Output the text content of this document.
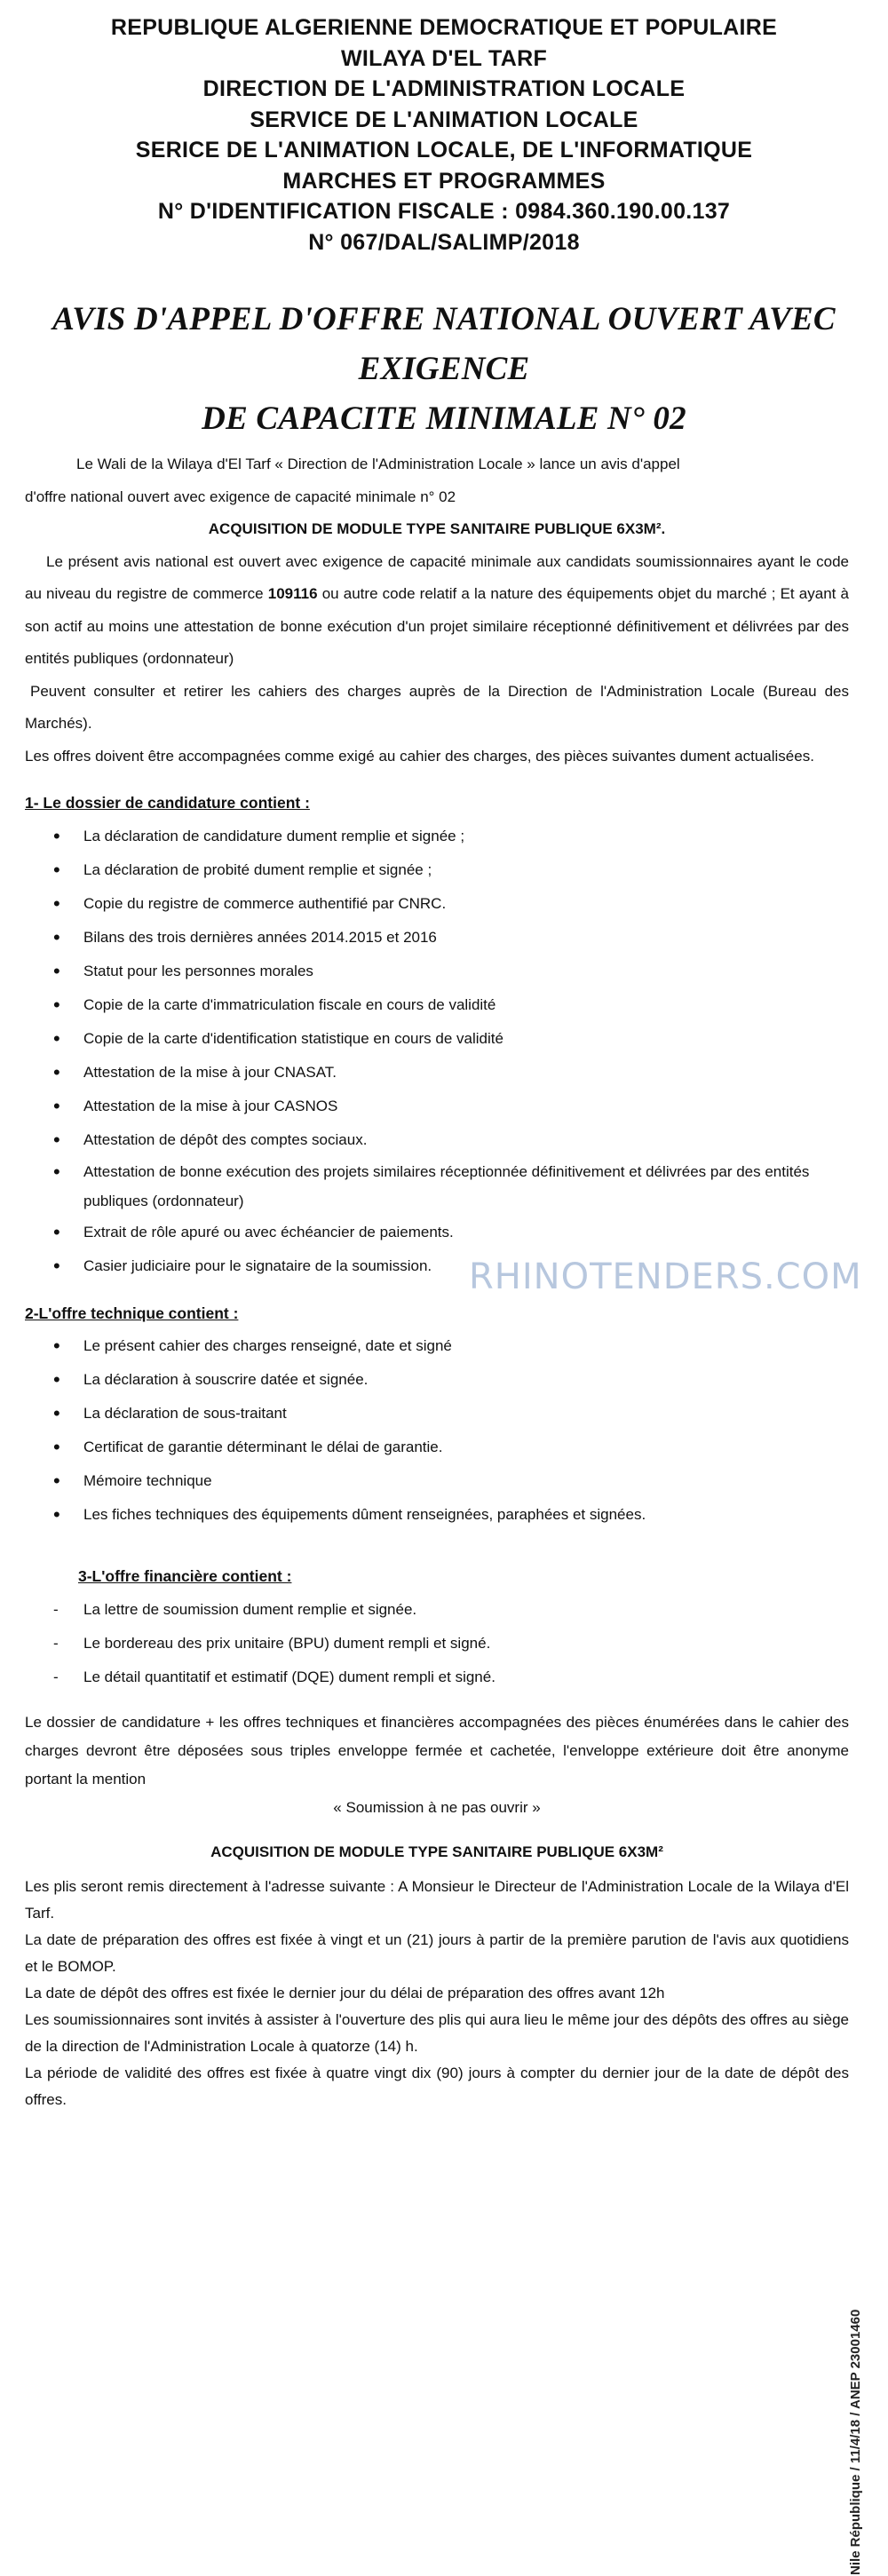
REPUBLIQUE ALGERIENNE DEMOCRATIQUE ET POPULAIRE
WILAYA D'EL TARF
DIRECTION DE L'ADMINISTRATION LOCALE
SERVICE DE L'ANIMATION LOCALE
SERICE DE L'ANIMATION LOCALE, DE L'INFORMATIQUE
MARCHES ET PROGRAMMES
N° D'IDENTIFICATION FISCALE : 0984.360.190.00.137
N° 067/DAL/SALIMP/2018
AVIS D'APPEL D'OFFRE NATIONAL OUVERT AVEC EXIGENCE
DE CAPACITE MINIMALE N° 02

Le Wali de la Wilaya d'El Tarf « Direction de l'Administration Locale » lance un avis d'appel

d'offre national ouvert avec exigence de capacité minimale n° 02

ACQUISITION DE MODULE TYPE SANITAIRE PUBLIQUE 6X3M².

Le présent avis national est ouvert avec exigence de capacité minimale aux candidats soumissionnaires ayant le code au niveau du registre de commerce 109116 ou autre code relatif a la nature des équipements objet du marché ; Et ayant à son actif au moins une attestation de bonne exécution d'un projet similaire réceptionné définitivement et délivrées par des entités publiques (ordonnateur)

Peuvent consulter et retirer les cahiers des charges auprès de la Direction de l'Administration Locale (Bureau des Marchés).

Les offres doivent être accompagnées comme exigé au cahier des charges, des pièces suivantes dument actualisées.

1- Le dossier de candidature contient :

• La déclaration de candidature dument remplie et signée ;
• La déclaration de probité dument remplie et signée ;
• Copie du registre de commerce authentifié par CNRC.
• Bilans des trois dernières années 2014.2015 et 2016
• Statut pour les personnes morales
• Copie de la carte d'immatriculation fiscale en cours de validité
• Copie de la carte d'identification statistique en cours de validité
• Attestation de la mise à jour CNASAT.
• Attestation de la mise à jour CASNOS
• Attestation de dépôt des comptes sociaux.
• Attestation de bonne exécution des projets similaires réceptionnée définitivement et délivrées par des entités publiques (ordonnateur)
• Extrait de rôle apuré ou avec échéancier de paiements.
• Casier judiciaire pour le signataire de la soumission.

2-L'offre technique contient :

• Le présent cahier des charges renseigné, date et signé
• La déclaration à souscrire datée et signée.
• La déclaration de sous-traitant
• Certificat de garantie déterminant le délai de garantie.
• Mémoire technique
• Les fiches techniques des équipements dûment renseignées, paraphées et signées.

3-L'offre financière contient :

- La lettre de soumission dument remplie et signée.
- Le bordereau des prix unitaire (BPU) dument rempli et signé.
- Le détail quantitatif et estimatif (DQE) dument rempli et signé.

Le dossier de candidature + les offres techniques et financières accompagnées des pièces énumérées dans le cahier des charges devront être déposées sous triples enveloppe fermée et cachetée, l'enveloppe extérieure doit être anonyme portant la mention

« Soumission à ne pas ouvrir »

ACQUISITION DE MODULE TYPE SANITAIRE PUBLIQUE 6X3M²

Les plis seront remis directement à l'adresse suivante : A Monsieur le Directeur de l'Administration Locale de la Wilaya d'El Tarf.

La date de préparation des offres est fixée à vingt et un (21) jours à partir de la première parution de l'avis aux quotidiens et le BOMOP.

La date de dépôt des offres est fixée le dernier jour du délai de préparation des offres avant 12h

Les soumissionnaires sont invités à assister à l'ouverture des plis qui aura lieu le même jour des dépôts des offres au siège de la direction de l'Administration Locale à quatorze (14) h.

La période de validité des offres est fixée à quatre vingt dix (90) jours à compter du dernier jour de la date de dépôt des offres.

RHINOTENDERS.COM
Nile République / 11/4/18 / ANEP 23001460
